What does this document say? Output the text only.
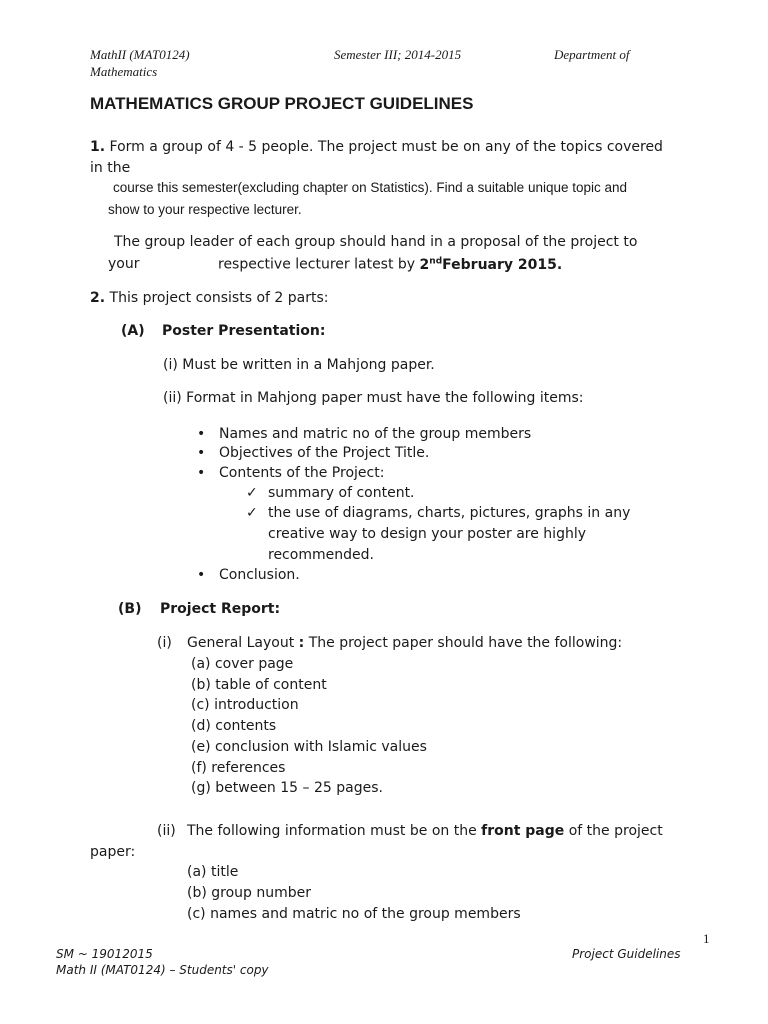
MathII (MAT0124)	Semester III; 2014-2015	Department of
Mathematics
MATHEMATICS GROUP PROJECT GUIDELINES
1. Form a group of 4 - 5 people. The project must be on any of the topics covered
in the
course this semester(excluding chapter on Statistics). Find a suitable unique topic and
show to your respective lecturer.
The group leader of each group should hand in a proposal of the project to
your	respective lecturer latest by 2ndFebruary 2015.
2. This project consists of 2 parts:
(A) Poster Presentation:
(i) Must be written in a Mahjong paper.
(ii) Format in Mahjong paper must have the following items:
• Names and matric no of the group members
• Objectives of the Project Title.
• Contents of the Project:
✓ summary of content.
✓ the use of diagrams, charts, pictures, graphs in any
creative way to design your poster are highly
recommended.
• Conclusion.
(B) Project Report:
(i) General Layout : The project paper should have the following:
(a) cover page
(b) table of content
(c) introduction
(d) contents
(e) conclusion with Islamic values
(f) references
(g) between 15 – 25 pages.
(ii) The following information must be on the front page of the project
paper:
(a) title
(b) group number
(c) names and matric no of the group members
1
SM ~ 19012015	Project Guidelines
Math II (MAT0124) – Students' copy
